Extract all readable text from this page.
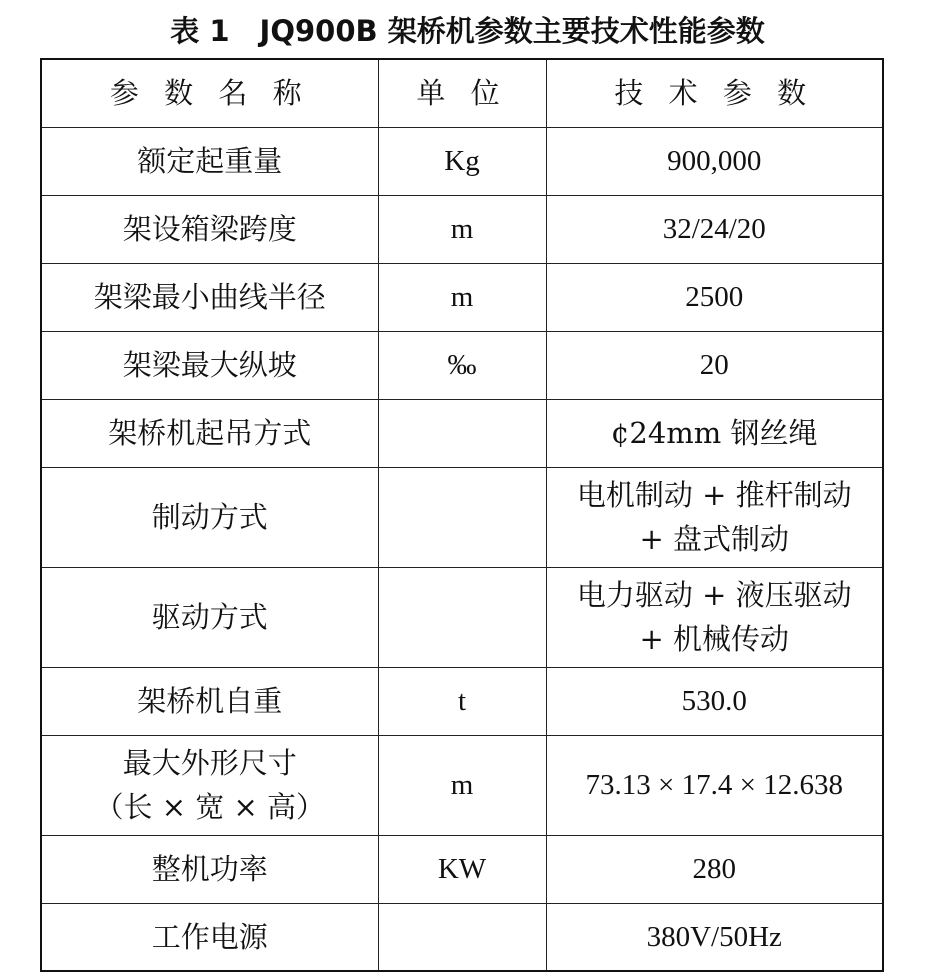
表 1 JQ900B 架桥机参数主要技术性能参数
参 数 名 称	单 位	技 术 参 数
额定起重量	Kg	900,000
架设箱梁跨度	m	32/24/20
架梁最小曲线半径	m	2500
架梁最大纵坡	‰	20
架桥机起吊方式		¢24mm 钢丝绳
制动方式		电机制动 + 推杆制动
+ 盘式制动

驱动方式		电力驱动 + 液压驱动
+ 机械传动

架桥机自重	t	530.0

最大外形尺寸
（长 × 宽 × 高）	m	73.13 × 17.4 × 12.638
整机功率	KW	280
工作电源		380V/50Hz
